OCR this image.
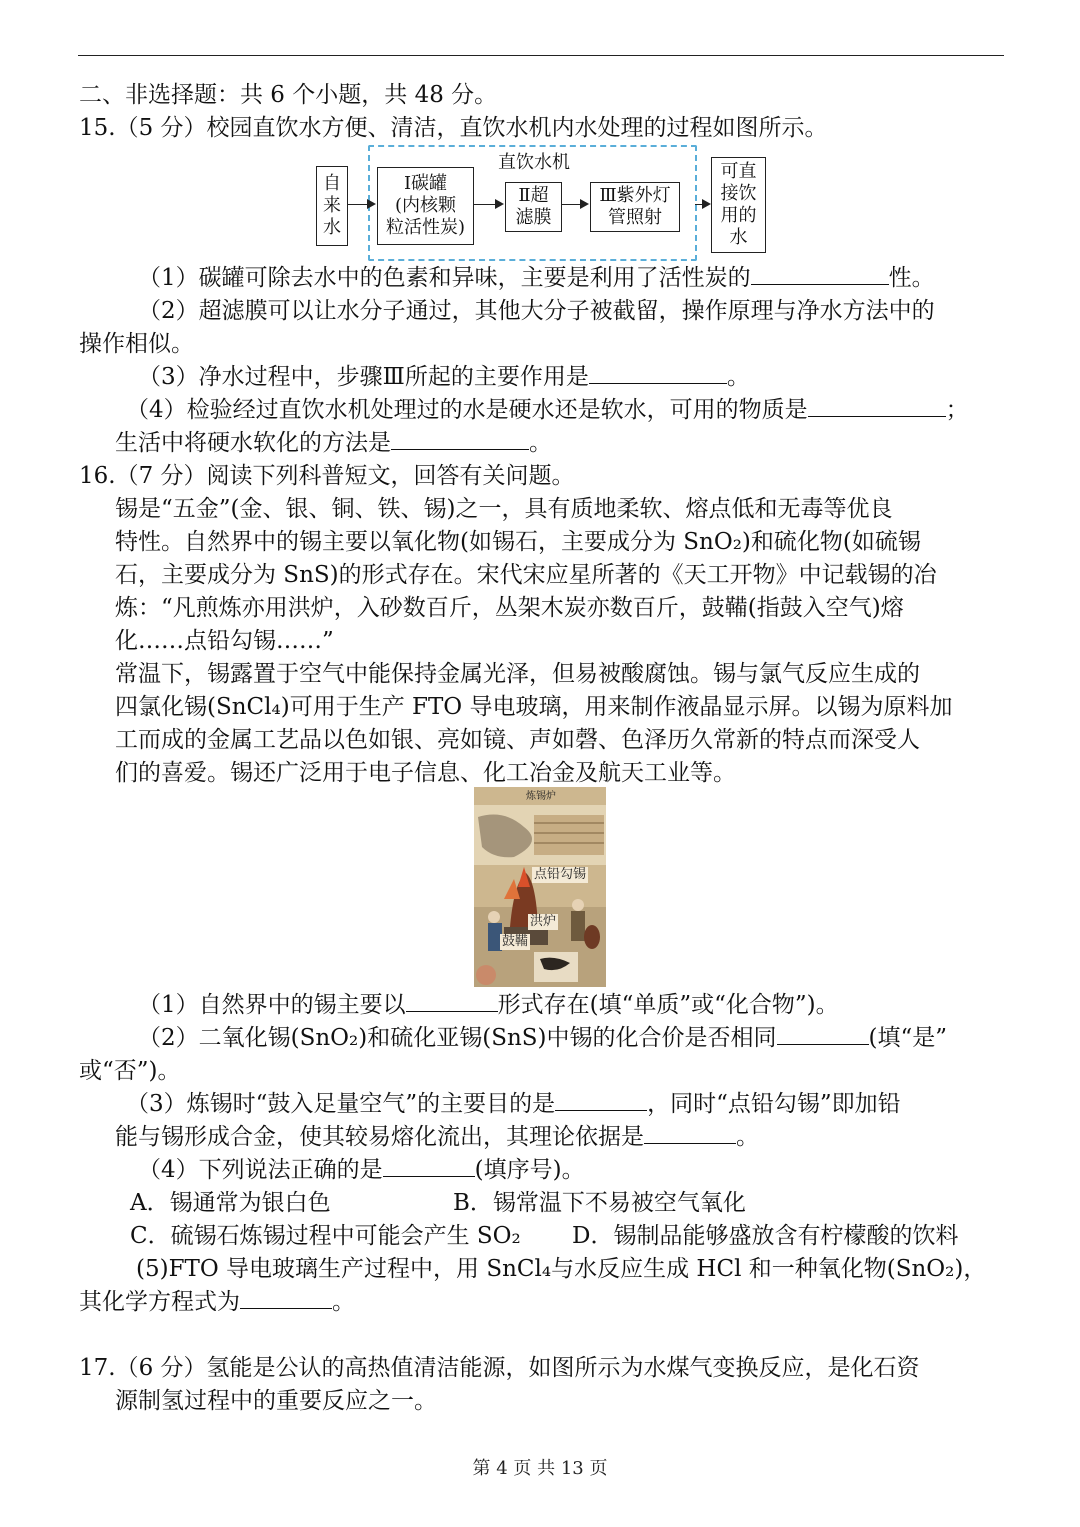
二、非选择题：共 6 个小题，共 48 分。
15.（5 分）校园直饮水方便、清洁，直饮水机内水处理的过程如图所示。
直饮水机
自
来
水
Ⅰ碳罐
(内核颗
粒活性炭)
Ⅱ超
滤膜
Ⅲ紫外灯
管照射
可直
接饮
用的
水
（1）碳罐可除去水中的色素和异味，主要是利用了活性炭的	性。
（2）超滤膜可以让水分子通过，其他大分子被截留，操作原理与净水方法中的
操作相似。
（3）净水过程中，步骤Ⅲ所起的主要作用是	。
（4）检验经过直饮水机处理过的水是硬水还是软水，可用的物质是	；
生活中将硬水软化的方法是	。
16.（7 分）阅读下列科普短文，回答有关问题。
锡是“五金”(金、银、铜、铁、锡)之一，具有质地柔软、熔点低和无毒等优良
特性。自然界中的锡主要以氧化物(如锡石，主要成分为 SnO₂)和硫化物(如硫锡
石，主要成分为 SnS)的形式存在。宋代宋应星所著的《天工开物》中记载锡的冶
炼：“凡煎炼亦用洪炉，入砂数百斤，丛架木炭亦数百斤，鼓鞴(指鼓入空气)熔
化……点铅勾锡……”
常温下，锡露置于空气中能保持金属光泽，但易被酸腐蚀。锡与氯气反应生成的
四氯化锡(SnCl₄)可用于生产 FTO 导电玻璃，用来制作液晶显示屏。以锡为原料加
工而成的金属工艺品以色如银、亮如镜、声如磬、色泽历久常新的特点而深受人
们的喜爱。锡还广泛用于电子信息、化工冶金及航天工业等。
炼锡炉
点铅勾锡
洪炉
鼓鞴
（1）自然界中的锡主要以	形式存在(填“单质”或“化合物”)。
（2）二氧化锡(SnO₂)和硫化亚锡(SnS)中锡的化合价是否相同	(填“是”
或“否”)。
（3）炼锡时“鼓入足量空气”的主要目的是	，同时“点铅勾锡”即加铅
能与锡形成合金，使其较易熔化流出，其理论依据是	。
（4）下列说法正确的是	(填序号)。
A．锡通常为银白色	B．锡常温下不易被空气氧化
C．硫锡石炼锡过程中可能会产生 SO₂ D．锡制品能够盛放含有柠檬酸的饮料
(5)FTO 导电玻璃生产过程中，用 SnCl₄与水反应生成 HCl 和一种氧化物(SnO₂)，
其化学方程式为	。
17.（6 分）氢能是公认的高热值清洁能源，如图所示为水煤气变换反应，是化石资
源制氢过程中的重要反应之一。
第 4 页 共 13 页
